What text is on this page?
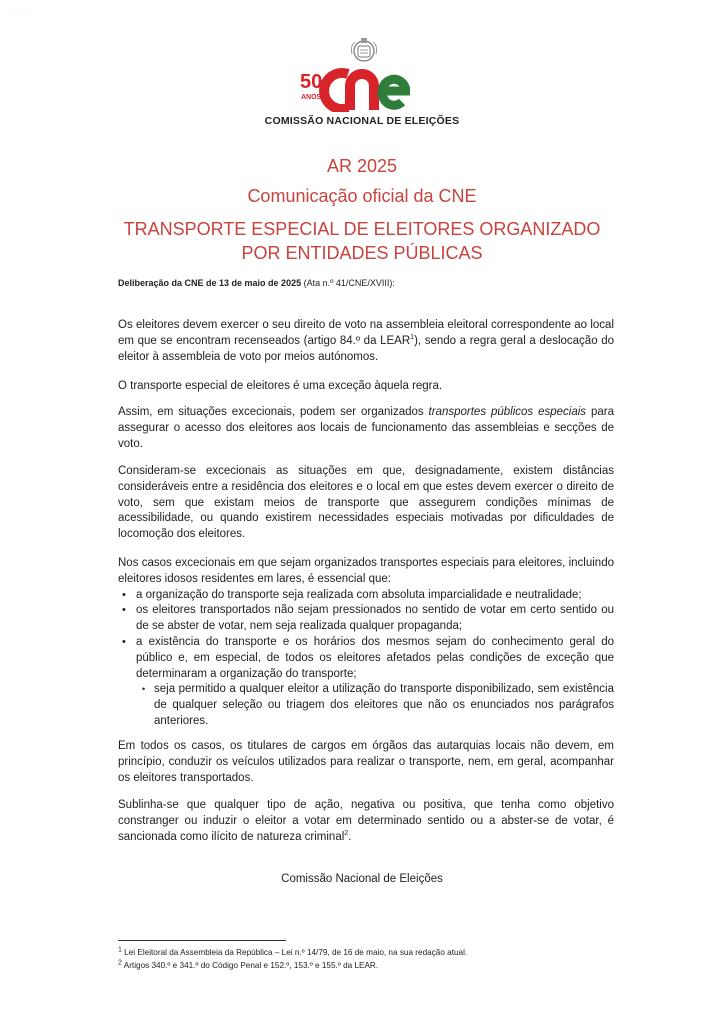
· · ·
50
ANOS
cne
COMISSÃO NACIONAL DE ELEIÇÕES
AR 2025
Comunicação oficial da CNE
TRANSPORTE ESPECIAL DE ELEITORES ORGANIZADO
POR ENTIDADES PÚBLICAS
Deliberação da CNE de 13 de maio de 2025 (Ata n.º 41/CNE/XVIII):
Os eleitores devem exercer o seu direito de voto na assembleia eleitoral correspondente ao local em que se encontram recenseados (artigo 84.º da LEAR$^1$), sendo a regra geral a deslocação do eleitor à assembleia de voto por meios autónomos.
O transporte especial de eleitores é uma exceção àquela regra.
Assim, em situações excecionais, podem ser organizados transportes públicos especiais para assegurar o acesso dos eleitores aos locais de funcionamento das assembleias e secções de voto.
Consideram-se excecionais as situações em que, designadamente, existem distâncias consideráveis entre a residência dos eleitores e o local em que estes devem exercer o direito de voto, sem que existam meios de transporte que assegurem condições mínimas de acessibilidade, ou quando existirem necessidades especiais motivadas por dificuldades de locomoção dos eleitores.

Nos casos excecionais em que sejam organizados transportes especiais para eleitores, incluindo eleitores idosos residentes em lares, é essencial que:

• a organização do transporte seja realizada com absoluta imparcialidade e neutralidade;
• os eleitores transportados não sejam pressionados no sentido de votar em certo sentido ou de se abster de votar, nem seja realizada qualquer propaganda;
• a existência do transporte e os horários dos mesmos sejam do conhecimento geral do público e, em especial, de todos os eleitores afetados pelas condições de exceção que determinaram a organização do transporte;
• seja permitido a qualquer eleitor a utilização do transporte disponibilizado, sem existência de qualquer seleção ou triagem dos eleitores que não os enunciados nos parágrafos anteriores.
Em todos os casos, os titulares de cargos em órgãos das autarquias locais não devem, em princípio, conduzir os veículos utilizados para realizar o transporte, nem, em geral, acompanhar os eleitores transportados.
Sublinha-se que qualquer tipo de ação, negativa ou positiva, que tenha como objetivo constranger ou induzir o eleitor a votar em determinado sentido ou a abster-se de votar, é sancionada como ilícito de natureza criminal$^2$.
Comissão Nacional de Eleições
$^1$ Lei Eleitoral da Assembleia da República – Lei n.º 14/79, de 16 de maio, na sua redação atual.
$^2$ Artigos 340.º e 341.º do Código Penal e 152.º, 153.º e 155.º da LEAR.
